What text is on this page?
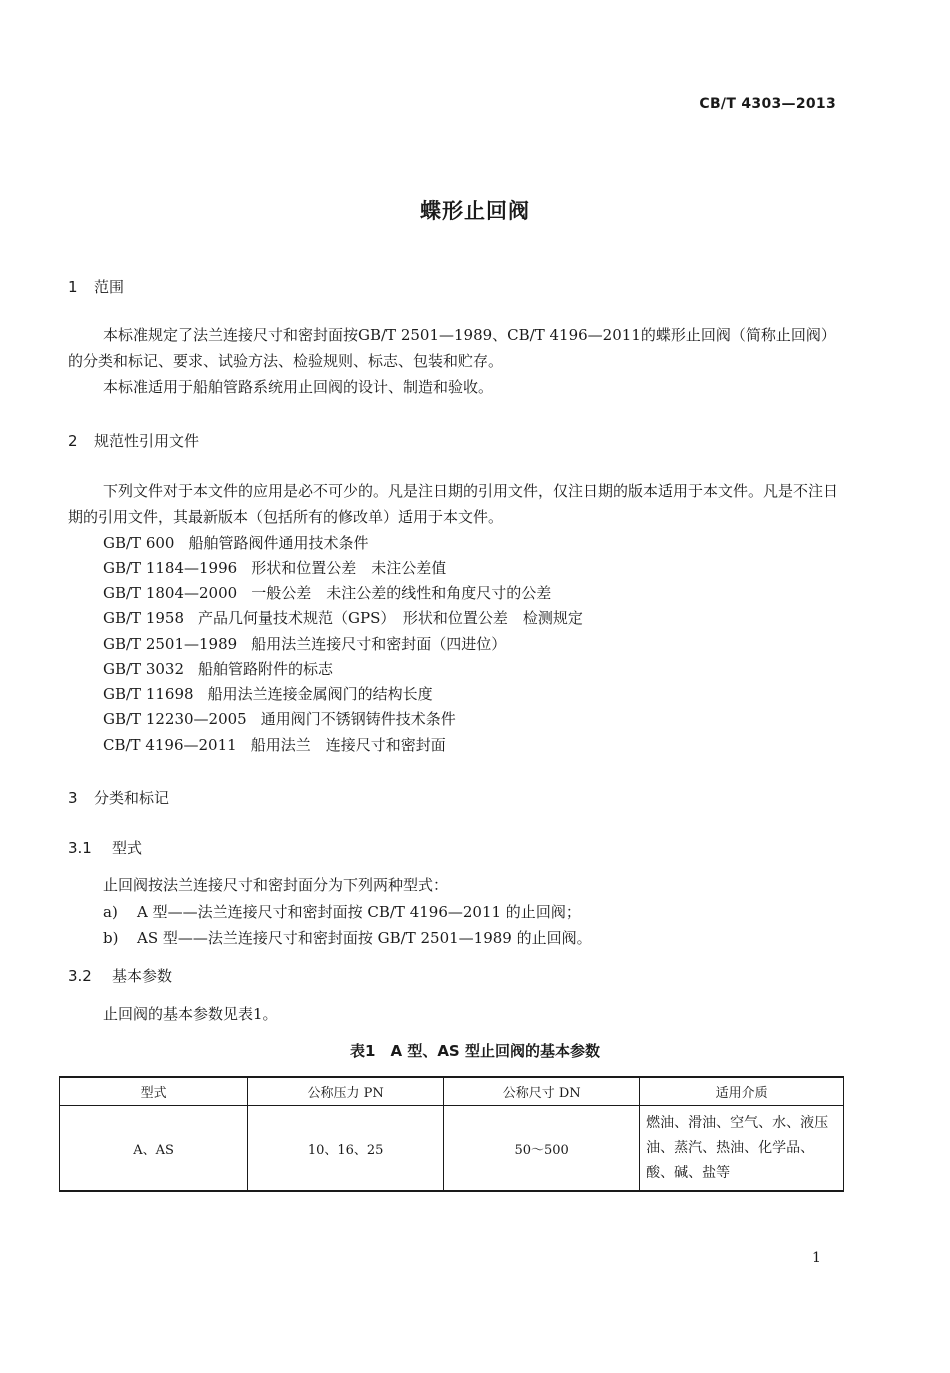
CB/T 4303—2013
蝶形止回阀
1 范围
本标准规定了法兰连接尺寸和密封面按GB/T 2501—1989、CB/T 4196—2011的蝶形止回阀（简称止回阀）的分类和标记、要求、试验方法、检验规则、标志、包装和贮存。
本标准适用于船舶管路系统用止回阀的设计、制造和验收。
2 规范性引用文件
下列文件对于本文件的应用是必不可少的。凡是注日期的引用文件，仅注日期的版本适用于本文件。凡是不注日期的引用文件，其最新版本（包括所有的修改单）适用于本文件。
GB/T 600 船舶管路阀件通用技术条件
GB/T 1184—1996 形状和位置公差　未注公差值
GB/T 1804—2000 一般公差　未注公差的线性和角度尺寸的公差
GB/T 1958 产品几何量技术规范（GPS）　形状和位置公差　检测规定
GB/T 2501—1989 船用法兰连接尺寸和密封面（四进位）
GB/T 3032 船舶管路附件的标志
GB/T 11698 船用法兰连接金属阀门的结构长度
GB/T 12230—2005 通用阀门不锈钢铸件技术条件
CB/T 4196—2011 船用法兰　连接尺寸和密封面
3 分类和标记
3.1 型式
止回阀按法兰连接尺寸和密封面分为下列两种型式：
a) A 型——法兰连接尺寸和密封面按 CB/T 4196—2011 的止回阀；
b) AS 型——法兰连接尺寸和密封面按 GB/T 2501—1989 的止回阀。
3.2 基本参数
止回阀的基本参数见表1。
表1　A 型、AS 型止回阀的基本参数
型式	公称压力 PN	公称尺寸 DN	适用介质
A、AS	10、16、25	50～500	燃油、滑油、空气、水、液压油、蒸汽、热油、化学品、酸、碱、盐等
1
